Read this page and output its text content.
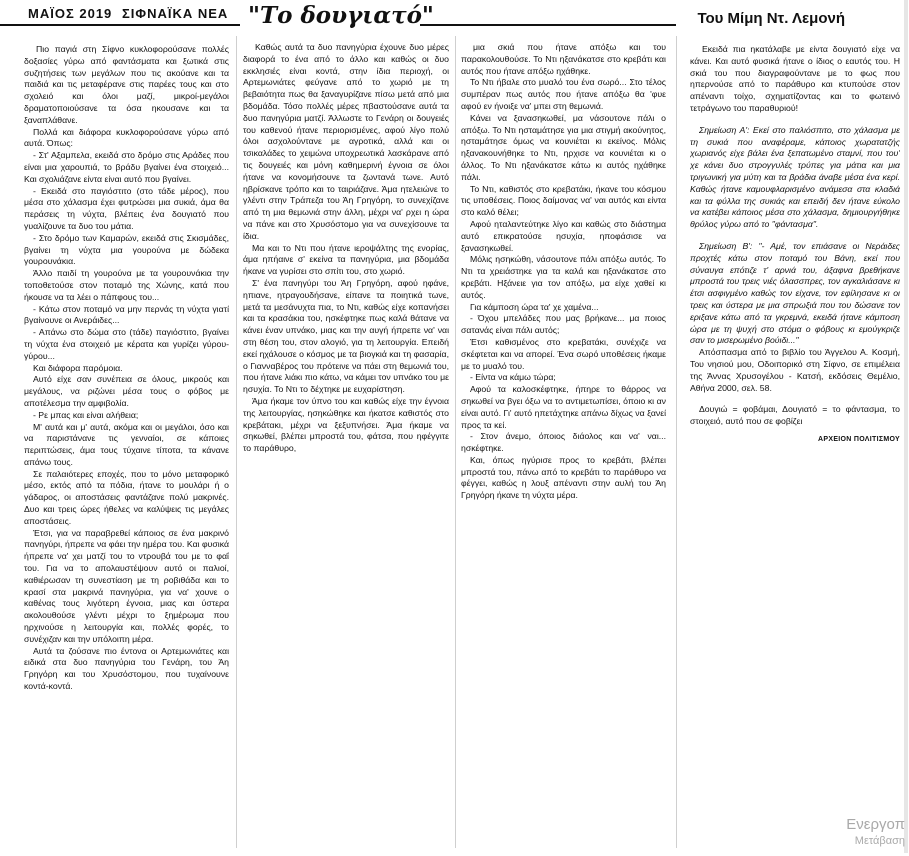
ΜΑΪΟΣ 2019 ΣΙΦΝΑΪΚΑ ΝΕΑ "Το δουγιατό"	Του Μίμη Ντ. Λεμονή

Πιο παγιά στη Σίφνο κυκλοφορούσανε πολλές δοξασίες γύρω από φαντάσματα και ξωτικά στις συζητήσεις των μεγάλων που τις ακούανε και τα παιδιά και τις μεταφέρανε στις παρέες τους και στο σχολειό και όλοι μαζί, μικροί-μεγάλοι δραματοποιούσανε τα όσα ηκουσανε και τα ξαναπλάθανε.

Πολλά και διάφορα κυκλοφορούσανε γύρω από αυτά. Όπως:

- Στ' Αξαμπελα, εκειδά στο δρόμο στις Αράδες που είναι μια χαρουπιά, το βράδυ βγαίνει ένα στοιχειό... Και σχολιάζανε είντα είναι αυτό που βγαίνει.

- Εκειδά στο παγιόστιτο (στο τάδε μέρος), που μέσα στο χάλασμα έχει φυτρώσει μια συκιά, άμα θα περάσεις τη νύχτα, βλέπεις ένα δουγιατό που γυαλίζουνε τα δυο του μάτια.

- Στο δρόμο των Καμαρών, εκειδά στις Σκισμάδες, βγαίνει τη νύχτα μια γουρούνα με δώδεκα γουρουνάκια.

Άλλο παιδί τη γουρούνα με τα γουρουνάκια την τοποθετούσε στον ποταμό της Χώνης, κατά που ήκουσε να τα λέει ο πάπφους του...

- Κάτω στον ποταμό να μην περνάς τη νύχτα γιατί βγαίνουνε οι Ανεράιδες...

- Απάνω στο δώμα στο (τάδε) παγιόστιτο, βγαίνει τη νύχτα ένα στοιχειό με κέρατα και γυρίζει γύρου-γύρου...

Και διάφορα παρόμοια.

Αυτό είχε σαν συνέπεια σε όλους, μικρούς και μεγάλους, να ριζώνει μέσα τους ο φόβος με αποτέλεσμα την αμφιβολία.

- Ρε μπας και είναι αλήθεια;

Μ' αυτά και μ' αυτά, ακόμα και οι μεγάλοι, όσο και να παριστάνανε τις γενναίοι, σε κάποιες περιπτώσεις, άμα τους τύχαινε τίποτα, τα κάνανε απάνω τους.

Σε παλαιότερες εποχές, που το μόνο μεταφορικό μέσο, εκτός από τα πόδια, ήτανε το μουλάρι ή ο γάδαρος, οι αποστάσεις φαντάζανε πολύ μακρινές. Δυο και τρεις ώρες ήθελες να καλύψεις τις μεγάλες αποστάσεις.

Έτσι, για να παραβρεθεί κάποιος σε ένα μακρινό πανηγύρι, ήπρεπε να φάει την ημέρα του. Και φυσικά ήπρεπε να' χει ματζί του το ντρουβά του με το φαΐ του. Για να το απολαυστέψουν αυτό οι παλιοί, καθιέρωσαν τη συνεστίαση με τη ροβιθάδα και το κρασί στα μακρινά πανηγύρια, για να' χουνε ο καθένας τους λιγότερη έγνοια, μιας και ύστερα ακολουθούσε γλέντι μέχρι το ξημέρωμα που ηρχινούσε η λειτουργία και, πολλές φορές, το συνέχιζαν και την υπόλοιπη μέρα.

Αυτά τα ζούσανε πιο έντονα οι Αρτεμωνιάτες και ειδικά στα δυο πανηγύρια του Γενάρη, του Άη Γρηγόρη και του Χρυσόστομου, που τυχαίνουνε κοντά-κοντά.

Καθώς αυτά τα δυο πανηγύρια έχουνε δυο μέρες διαφορά το ένα από το άλλο και καθώς οι δυο εκκλησιές είναι κοντά, στην ίδια περιοχή, οι Αρτεμωνιάτες φεύγανε από το χωριό με τη βεβαιότητα πως θα ξαναγυρίζανε πίσω μετά από μια βδομάδα. Τόσο πολλές μέρες πβαστούσανε αυτά τα δυο πανηγύρια ματζί. Άλλωστε το Γενάρη οι δουγειές του καθενού ήτανε περιορισμένες, αφού λίγο πολύ όλοι ασχολούντανε με αγροτικά, αλλά και οι τσικαλάδες το χειμώνα υποχρεωτικά λασκάρανε από τις δουγειές και μόνη καθημερινή έγνοια σε όλοι ήτανε να κονομήσουνε τα ζωντανά τωνε. Αυτό ηβρίσκανε τρόπο και το ταιριάζανε. Άμα ητελειώνε το γλέντι στην Τράπεζα του Άη Γρηγόρη, το συνεχίζανε από τη μια θεμωνιά στην άλλη, μέχρι να' ρχει η ώρα να πάνε και στο Χρυσόστομο για να συνεχίσουνε τα ίδια.

Μα και το Ντι που ήτανε ιεροψάλτης της ενορίας, άμα ηπήαινε σ' εκείνα τα πανηγύρια, μια βδομάδα ήκανε να γυρίσει στο σπίτι του, στο χωριό.

Σ' ένα πανηγύρι του Άη Γρηγόρη, αφού ηφάνε, ηπιανε, ητραγουδήσανε, είπανε τα ποιητικά τωνε, μετά τα μεσάνυχτα πια, το Ντι, καθώς είχε κοπανήσει και τα κρασάκια του, ησκέφτηκε πως καλά θάτανε να κάνει έναν υπνάκο, μιας και την αυγή ήπρεπε να' ναι στη θέση του, στον αλογιό, για τη λειτουργία. Επειδή εκεί ηχάλουσε ο κόσμος με τα βιογκιά και τη φασαρία, ο Γιανναβέρος του πρότεινε να πάει στη θεμωνιά του, που ήτανε λιάκι πιο κάτω, να κάμει τον υπνάκο του με ησυχία. Το Ντι το δέχτηκε με ευχαρίστηση.

Άμα ήκαμε τον ύπνο του και καθώς είχε την έγνοια της λειτουργίας, ησηκώθηκε και ήκατσε καθιστός στο κρεβάτακι, μέχρι να ξεξυπνήσει. Άμα ήκαμε να σηκωθεί, βλέπει μπροστά του, φάτσα, που ηφέγγιτε το παράθυρο,

μια σκιά που ήτανε απόξω και του παρακολουθούσε. Το Ντι ηξανάκατσε στο κρεβάτι και αυτός που ήτανε απόξω ηχάθηκε.

Το Ντι ήβαλε στο μυαλό του ένα σωρό... Στο τέλος συμπέραν πως αυτός που ήτανε απόξω θα 'φυε αφού εν ήνοιξε να' μπει στη θεμωνιά.

Κάνει να ξανασηκωθεί, μα νάσουτονε πάλι ο απόξω. Το Ντι ησταμάτησε για μια στιγμή ακούνητος, ησταμάτησε όμως να κουνιέται κι εκείνος. Μόλις ηξανακουνήθηκε το Ντι, ηρχισε να κουνιέται κι ο άλλος. Το Ντι ηξανάκατσε κάτω κι αυτός ηχάθηκε πάλι.

Το Ντι, καθιστός στο κρεβατάκι, ήκανε του κόσμου τις υποθέσεις. Ποιος δαίμονας να' ναι αυτός και είντα στο καλό θέλει;

Αφού ηταλαντεύτηκε λίγο και καθώς στο διάστημα αυτό επικρατούσε ησυχία, ηποφάσισε να ξανασηκωθεί.

Μόλις ησηκώθη, νάσουτονε πάλι απόξω αυτός. Το Ντι τα χρειάστηκε για τα καλά και ηξανάκατσε στο κρεβάτι. Ηξάνειε για τον απόξω, μα είχε χαθεί κι αυτός.

Για κάμποση ώρα τα' χε χαμένα...

- Όχου μπελάδες που μας βρήκανε... μα ποιος σατανάς είναι πάλι αυτός;

Έτσι καθισμένος στο κρεβατάκι, συνέχιζε να σκέφτεται και να απορεί. Ένα σωρό υποθέσεις ήκαμε με το μυαλό του.

- Είντα να κάμω τώρα;

Αφού τα καλοσκέφτηκε, ήπηρε το θάρρος να σηκωθεί να βγει όξω να το αντιμετωπίσει, όποιο κι αν είναι αυτό. Γι' αυτό ηπετάχτηκε απάνω δίχως να ξανεί προς τα κεί.

- Στον άνεμο, όποιος διάολος και να' ναι... ησκέφτηκε.

Και, όπως ηγύρισε προς το κρεβάτι, βλέπει μπροστά του, πάνω από το κρεβάτι το παράθυρο να φέγγει, καθώς η λουξ απέναντι στην αυλή του Άη Γρηγόρη ήκανε τη νύχτα μέρα.

Εκειδά πια ηκατάλαβε με είντα δουγιατό είχε να κάνει. Και αυτό φυσικά ήτανε ο ίδιος ο εαυτός του. Η σκιά του που διαγραφούντανε με το φως που ηπερνούσε από το παράθυρο και κτυπούσε στον απέναντι τοίχο, σχηματίζοντας και το φωτεινό τετράγωνο του παραθυριού!

Σημείωση Α': Εκεί στο παλιόσπιτο, στο χάλασμα με τη συκιά που αναφέραμε, κάποιος χωρατατζής χωριανός είχε βάλει ένα ξεπατωμένο σταμνί, που του' χε κάνει δυο στρογγυλές τρύπες για μάτια και μια τριγωνική για μύτη και τα βράδια άναβε μέσα ένα κερί. Καθώς ήτανε καμουφλαρισμένο ανάμεσα στα κλαδιά και τα φύλλα της συκιάς και επειδή δεν ήτανε εύκολο να κατέβει κάποιος μέσα στο χάλασμα, δημιουργήθηκε θρύλος γύρω από το "φάντασμα".

Σημείωση Β': "- Αμέ, τον επιάσανε οι Νεράιδες προχτές κάτω στον ποταμό του Βάνη, εκεί που σύναυγα επότιζε τ' αρνιά του, άξαφνα βρεθήκανε μπροστά του τρεις νιές όλασσπρες, τον αγκαλιάσανε κι έτσι ασφιγμένο καθώς τον είχανε, τον εφίλησανε κι οι τρεις και ύστερα με μια σπρωξιά που του δώσανε τον εριξανε κάτω από τα γκρεμνά, εκειδά ήτανε κάμποση ώρα με τη ψυχή στο στόμα ο φόβους κι εμούγκριζε σαν το μισερωμένο βούιδι..."

Απόσπασμα από το βιβλίο του Άγγελου Α. Κοσμή, Του νησιού μου, Οδοιπορικό στη Σίφνο, σε επιμέλεια της Άννας Χρυσογέλου - Κατσή, εκδόσεις Θεμέλιο, Αθήνα 2000, σελ. 58.

Δουγιώ = φοβάμαι, Δουγιατό = το φάντασμα, το στοιχειό, αυτό που σε φοβίζει

ΑΡΧΕΙΟΝ ΠΟΛΙΤΙΣΜΟΥ

Ενεργοπ
Μετάβαση
